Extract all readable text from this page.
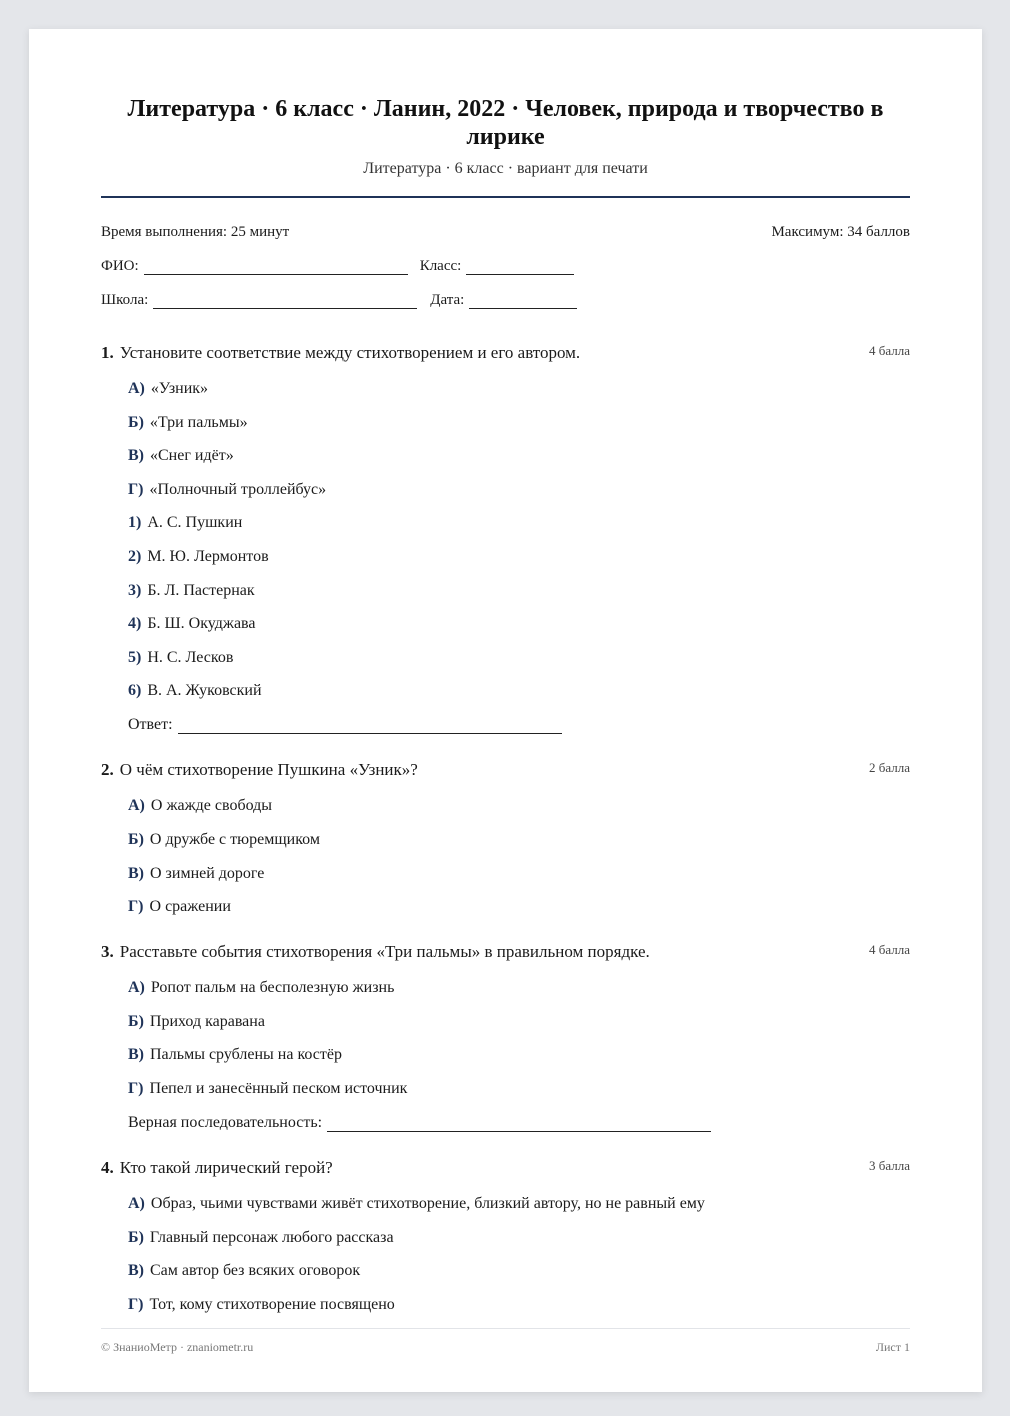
Литература · 6 класс · Ланин, 2022 · Человек, природа и творчество в лирике
Литература · 6 класс · вариант для печати
Время выполнения: 25 минут	Максимум: 34 баллов
ФИО:	Класс:
Школа:	Дата:
1. Установите соответствие между стихотворением и его автором.	4 балла
А) «Узник»
Б) «Три пальмы»
В) «Снег идёт»
Г) «Полночный троллейбус»
1) А. С. Пушкин
2) М. Ю. Лермонтов
3) Б. Л. Пастернак
4) Б. Ш. Окуджава
5) Н. С. Лесков
6) В. А. Жуковский
Ответ:
2. О чём стихотворение Пушкина «Узник»?	2 балла
А) О жажде свободы
Б) О дружбе с тюремщиком
В) О зимней дороге
Г) О сражении
3. Расставьте события стихотворения «Три пальмы» в правильном порядке.	4 балла
А) Ропот пальм на бесполезную жизнь
Б) Приход каравана
В) Пальмы срублены на костёр
Г) Пепел и занесённый песком источник
Верная последовательность:
4. Кто такой лирический герой?	3 балла
А) Образ, чьими чувствами живёт стихотворение, близкий автору, но не равный ему
Б) Главный персонаж любого рассказа
В) Сам автор без всяких оговорок
Г) Тот, кому стихотворение посвящено
© ЗнаниоМетр · znaniometr.ru	Лист 1
